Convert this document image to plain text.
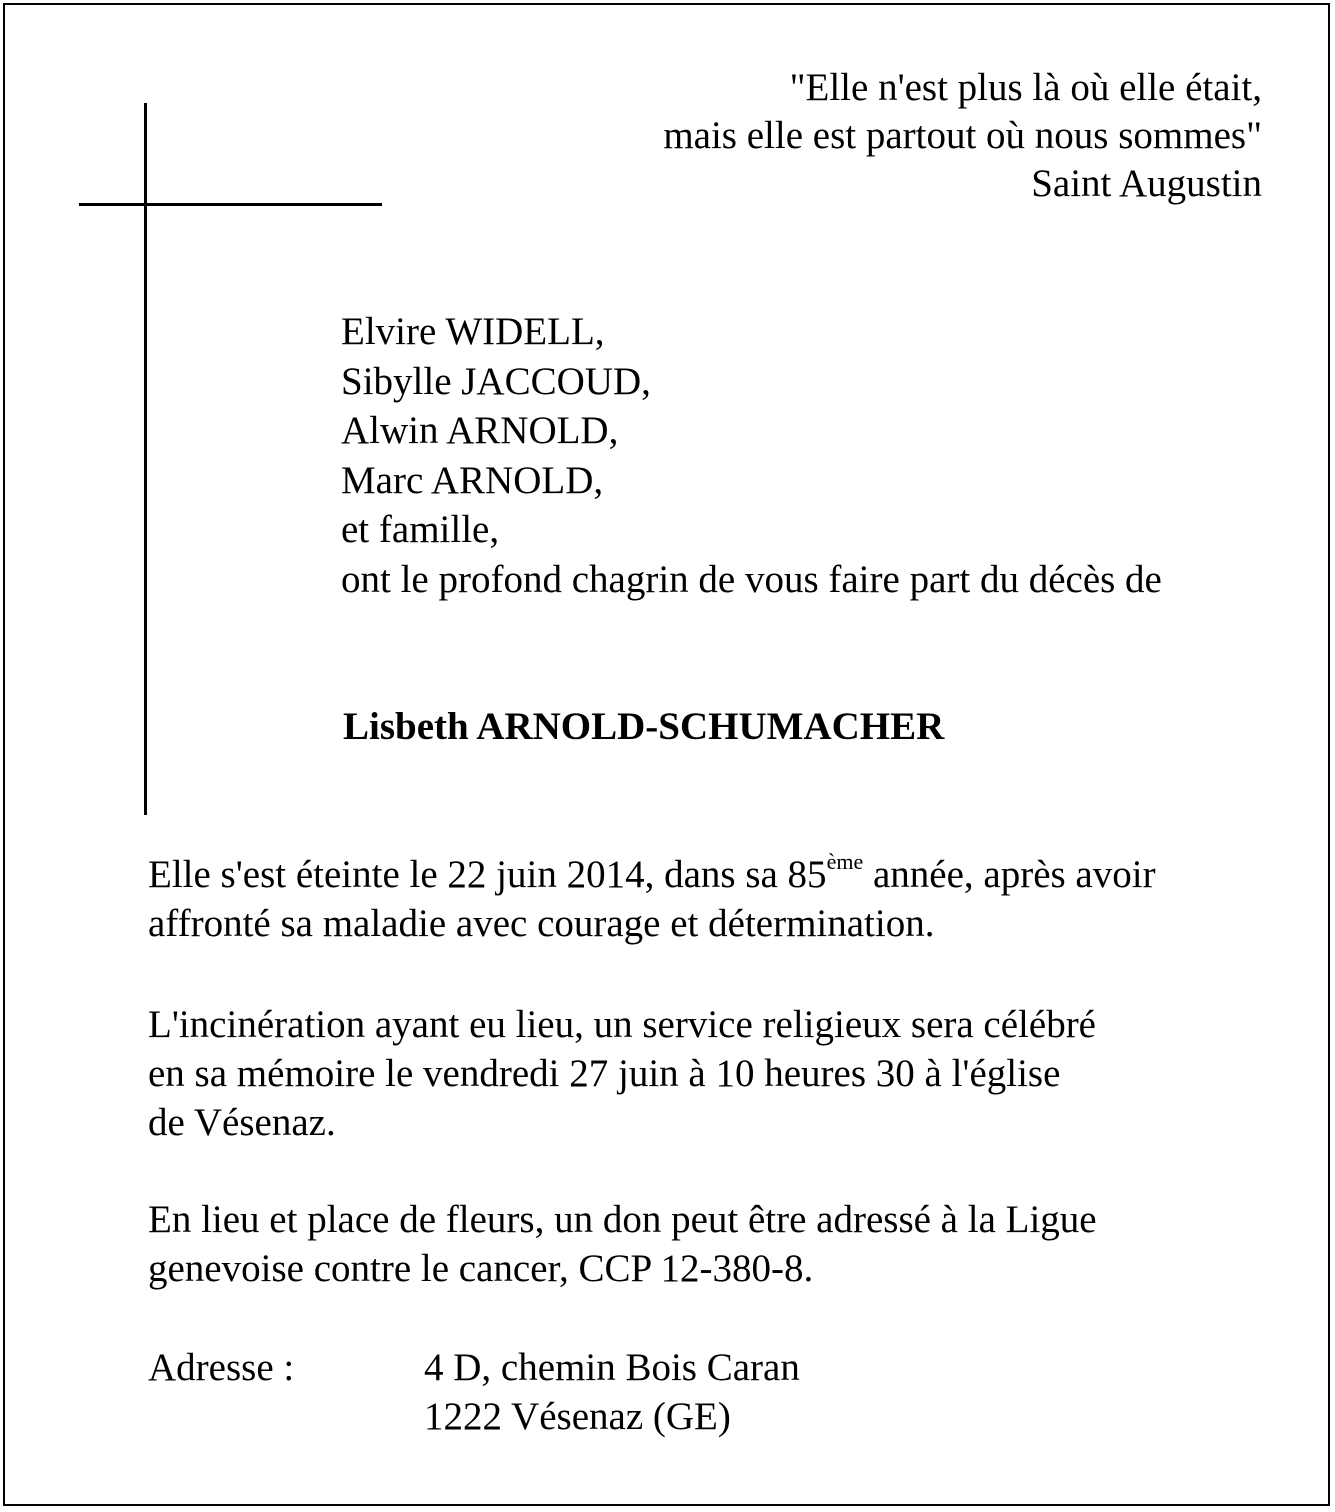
"Elle n'est plus là où elle était,
mais elle est partout où nous sommes"
Saint Augustin
Elvire WIDELL,
Sibylle JACCOUD,
Alwin ARNOLD,
Marc ARNOLD,
et famille,
ont le profond chagrin de vous faire part du décès de
Lisbeth ARNOLD-SCHUMACHER
Elle s'est éteinte le 22 juin 2014, dans sa 85ème année, après avoir
affronté sa maladie avec courage et détermination.
L'incinération ayant eu lieu, un service religieux sera célébré
en sa mémoire le vendredi 27 juin à 10 heures 30 à l'église
de Vésenaz.
En lieu et place de fleurs, un don peut être adressé à la Ligue
genevoise contre le cancer, CCP 12-380-8.
Adresse :	4 D, chemin Bois Caran
1222 Vésenaz (GE)
